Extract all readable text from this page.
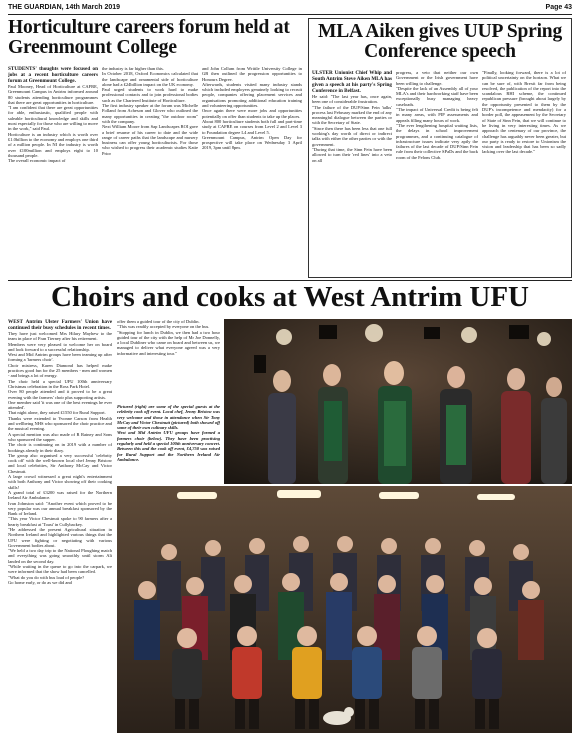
THE GUARDIAN, 14th March 2019	Page 43
Horticulture careers forum held at Greenmount College

STUDENTS' thoughts were focused on jobs at a recent horticulture careers forum at Greenmount College.

Paul Mooney, Head of Horticulture at CAFRE, Greenmount Campus in Antrim informed around 80 students attending horticulture programmes that there are great opportunities in horticulture.

"I am confident that there are great opportunities for able, enthusiastic, qualified people with saleable horticultural knowledge and skills and most especially for those who are willing to move in the work," said Paul.

Horticulture is an industry which is worth over £1.0billion to the economy and employs one third of a million people. In NI the industry is worth over £100million and employs eight to 10 thousand people.

The overall economic impact of

the industry is far higher than this.

In October 2018, Oxford Economics calculated that the landscape and ornamental side of horticulture alone had a £24billion impact on the UK economy.

Paul urged students to work hard to make professional contacts and to join professional bodies such as the Chartered Institute of Horticulture.

The first industry speaker at the forum was Michelle Folland from Acheson and Glover who outlined the many opportunities in creating "the outdoor room" with the company.

Next William Moore from Sap Landscapes ROI gave a brief resume of his career to date and the wide range of career paths that the landscape and nursery business can offer young horticulturists. For those who wished to progress their academic studies Katie Prior

and John Collum from Writtle University College in GB then outlined the progression opportunities to Honours Degree.

Afterwards, students visited many industry stands which included employers genuinely looking to recruit people, companies offering placement services and organisations promoting additional education training and volunteering opportunities.

Once again there were more jobs and opportunities potentially on offer than students to take up the places.

About 800 horticulture students both full and part-time study at CAFRE on courses from Level 2 and Level 3 to Foundation degree L4 and Level 5.

Greenmount Campus, Antrim Open Day for prospective will take place on Wednesday 3 April 2019, 3pm until 8pm.

MLA Aiken gives UUP Spring Conference speech

ULSTER Unionist Chief Whip and South Antrim Steve Aiken MLA has given a speech at his party's Spring Conference in Belfast.

He said: "The last year has, once again, been one of considerable frustration.

"The failure of the DUP/Sinn Fein 'talks' process last February marked the end of any meaningful dialogue between the parties or with the Secretary of State.

"Since then there has been less that one full working's day worth of direct or indirect talks with either the other parties or with the government.

"During that time, the Sinn Fein have been allowed to turn their 'red lines' into a veto on all

progress, a veto that neither our own Government or the Irish government have been willing to challenge.

"Despite the lack of an Assembly all of your MLA's and their hardworking staff have been exceptionally busy managing heavy caseloads.

"The impact of Universal Credit is being felt in many areas, with PIP assessments and appeals filling many hours of work.

"The ever lengthening hospital waiting lists, the delays in school improvement programmes, and a continuing catalogue of infrastructure issues indicate very aptly the failures of the last decade of DUP/Sinn Fein rule from their collective SPaDs and the back room of the Felons Club.

"Finally, looking forward, there is a lot of political uncertainty on the horizon. What we can be sure of, with Brexit far from being resolved, the publication of the report into the scandalous RHI scheme, the continued republican pressure (brought about largely by the opportunity presented to them by the DUP's incompetence and mendacity) for a border poll, the appeasement by the Secretary of State of Sinn Fein, that we will continue to be living in very interesting times. As we approach the centenary of our province, the challenge has arguably never been greater, but our party is ready to restore to Unionism the vision and leadership that has been so sadly lacking over the last decade."

Choirs and cooks at West Antrim UFU

WEST Antrim Ulster Farmers' Union have continued their busy schedules in recent times.

They have just welcomed Mrs Hilary Mayhew to the team in place of Fran Tierney after his retirement.

Members were very pleased to welcome her on board and look forward to a successful relationship.

West and Mid Antrim groups have been teaming up after forming a 'farmers choir'.

Choir mistress, Karen Diamond has helped make practices good fun for the 25 members - men and women - and brings a lot of energy.

The choir held a special UFU 100th anniversary Christmas celebration in the Ross Park Hotel.

Over 80 people attended and it proved to be a great evening with the farmers' choir plus supporting artists.

One member said 'it was one of the best evenings he ever attended'.

That night alone, they raised £1550 for Rural Support.

Thanks were extended to Yvonne Carson from Health and wellbeing NHS who sponsored the choir practice and the musical evening.

A special mention was also made of R Rainey and Sons who sponsored the supper.

The choir is continuing on in 2019 with a number of bookings already in their diary.

The group also organised a very successful 'celebrity cook off' with the well-known local chef Jenny Bristow and local celebrities, Sir Anthony McCay and Victor Chestnutt.

A large crowd witnessed a great night's entertainment with both Anthony and Victor showing off their cooking skills!

A grand total of £3200 was raised for the Northern Ireland Air Ambulance.

Ivan Johnston said: "Another event which proved to be very popular was our annual breakfast sponsored by the Bank of Ireland.

"This year Victor Chestnutt spoke to 90 farmers after a hearty breakfast at 'Toast' in Cullybackey.

"He addressed the present Agricultural situation in Northern Ireland and highlighted various things that the UFU were fighting or negotiating with various Government bodies about.

"We held a two day trip to the National Ploughing match and everything was going smoothly until storm Ali landed on the second day.

"While waiting in the queue to go into the carpark, we were informed that the show had been cancelled.

"What do you do with bus load of people?

Go home early, or do as we did and

offer them a guided tour of the city of Dublin.

"This was readily accepted by everyone on the bus.

"Stopping for lunch in Dublin, we then had a two hour guided tour of the city with the help of Mr Joe Donnelly, a local Dubliner who came on board and between us, we managed to deliver what everyone agreed was a very informative and interesting tour."

Pictured (right) are some of the special guests at the celebrity cook off event. Local chef, Jenny Bristow was very welcome and those in attendance when Sir Tony McCay and Victor Chestnutt (pictured) both showed off some of their own culinary skills.

West and Mid Antrim UFU groups have formed a farmers choir (below). They have been practising regularly and held a special 100th anniversary concert. Between this and the cook off event, £4,750 was raised for Rural Support and the Northern Ireland Air Ambulance.
